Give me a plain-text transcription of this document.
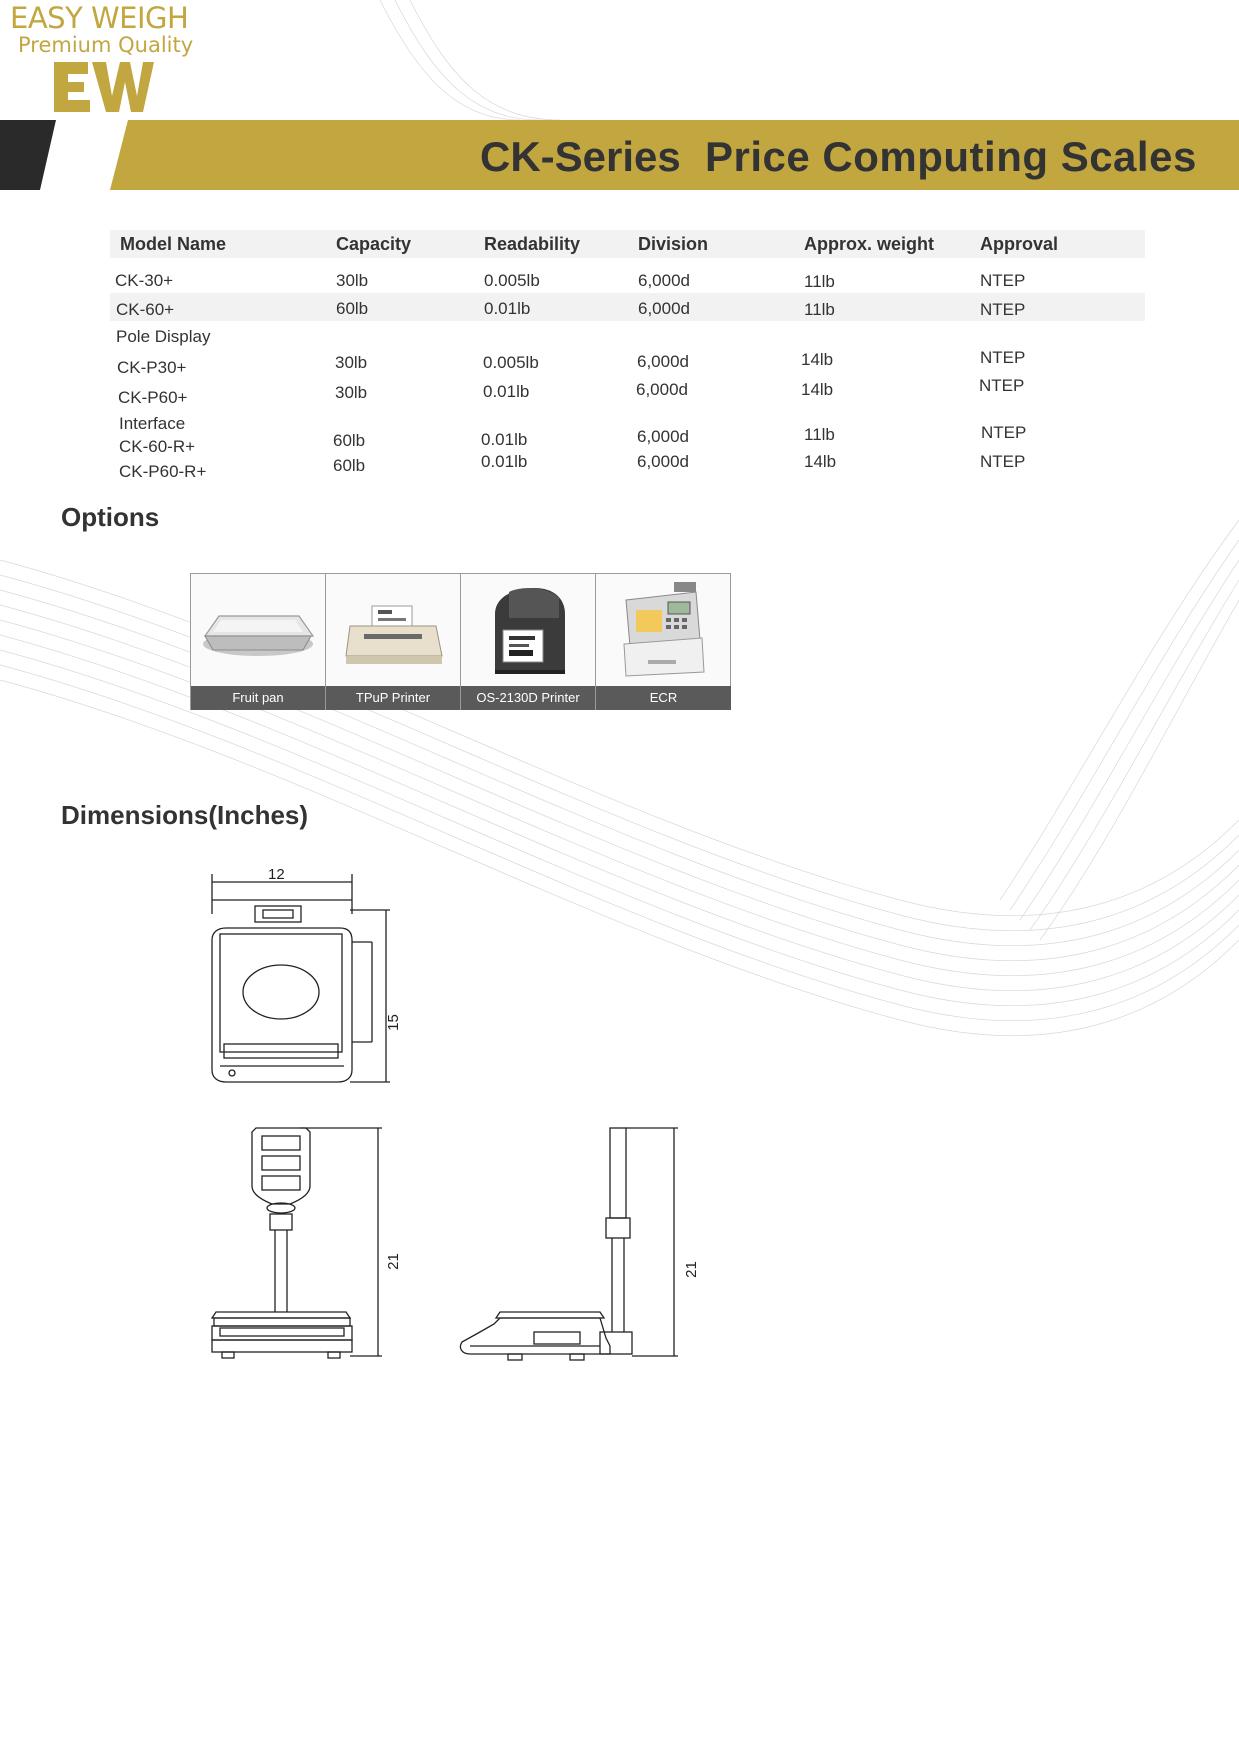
EASY WEIGH
Premium Quality
CK-Series Price Computing Scales
Model Name	Capacity	Readability	Division	Approx. weight	Approval
CK-30+	30lb	0.005lb	6,000d	11lb	NTEP
CK-60+	60lb	0.01lb	6,000d	11lb	NTEP
Pole Display
CK-P30+	30lb	0.005lb	6,000d	14lb	NTEP
CK-P60+	30lb	0.01lb	6,000d	14lb	NTEP
Interface
CK-60-R+	60lb	0.01lb	6,000d	11lb	NTEP
CK-P60-R+	60lb	0.01lb	6,000d	14lb	NTEP
Options
Fruit pan	TPuP Printer	OS-2130D Printer	ECR
Dimensions(Inches)
12
15
21	21
